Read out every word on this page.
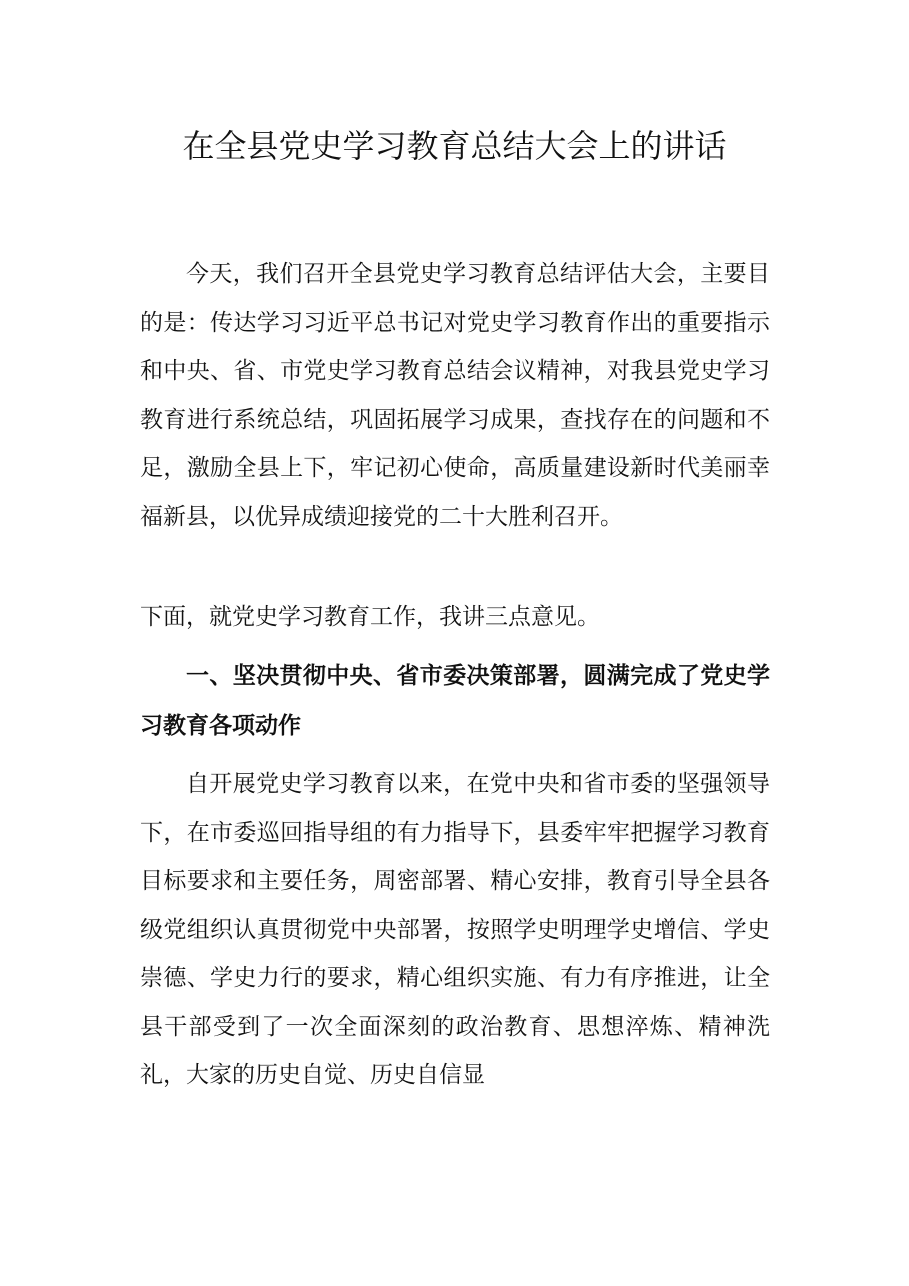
在全县党史学习教育总结大会上的讲话

今天，我们召开全县党史学习教育总结评估大会，主要目的是：传达学习习近平总书记对党史学习教育作出的重要指示和中央、省、市党史学习教育总结会议精神，对我县党史学习教育进行系统总结，巩固拓展学习成果，查找存在的问题和不足，激励全县上下，牢记初心使命，高质量建设新时代美丽幸福新县，以优异成绩迎接党的二十大胜利召开。

下面，就党史学习教育工作，我讲三点意见。

一、坚决贯彻中央、省市委决策部署，圆满完成了党史学习教育各项动作

自开展党史学习教育以来，在党中央和省市委的坚强领导下，在市委巡回指导组的有力指导下，县委牢牢把握学习教育目标要求和主要任务，周密部署、精心安排，教育引导全县各级党组织认真贯彻党中央部署，按照学史明理学史增信、学史崇德、学史力行的要求，精心组织实施、有力有序推进，让全县干部受到了一次全面深刻的政治教育、思想淬炼、精神洗礼，大家的历史自觉、历史自信显
